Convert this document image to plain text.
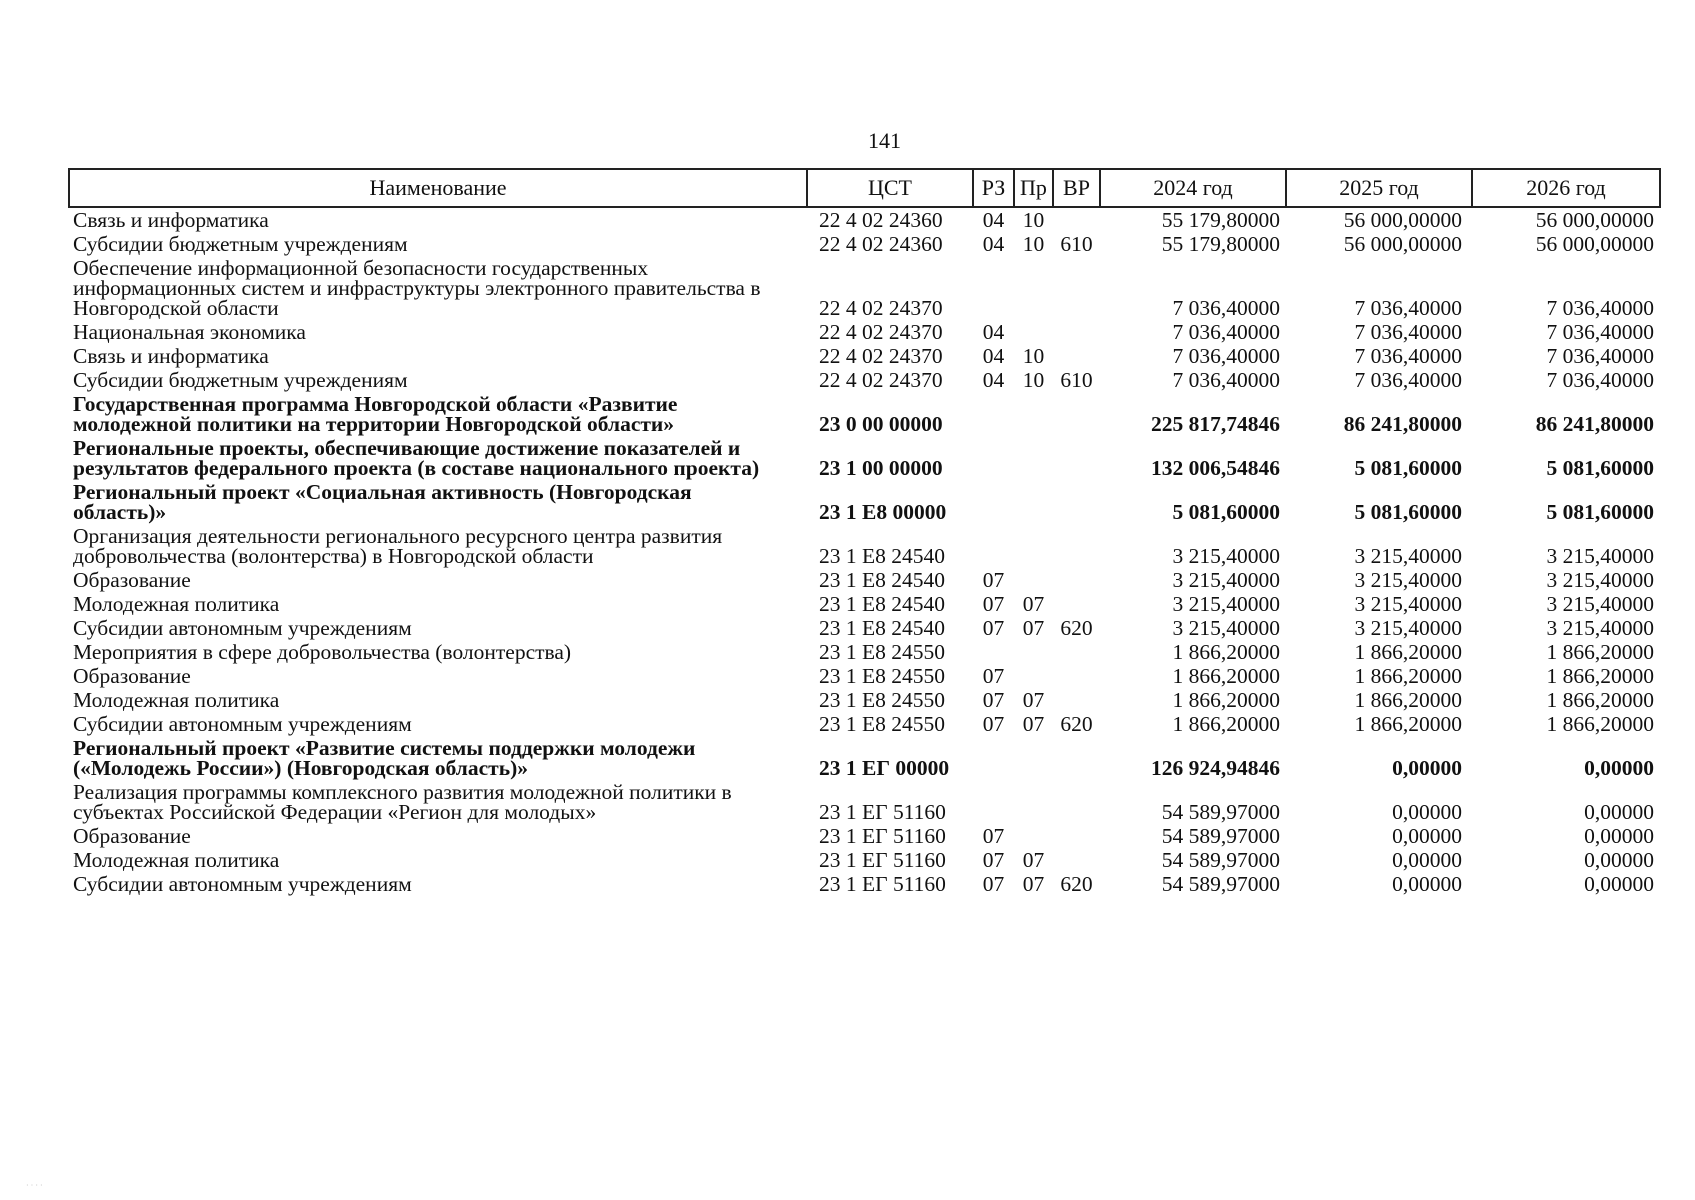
141
Наименование	ЦСТ	РЗ	Пр	ВР	2024 год	2025 год	2026 год
Связь и информатика	22 4 02 24360	04	10		55 179,80000	56 000,00000	56 000,00000
Субсидии бюджетным учреждениям	22 4 02 24360	04	10	610	55 179,80000	56 000,00000	56 000,00000
Обеспечение информационной безопасности государственных информационных систем и инфраструктуры электронного правительства в Новгородской области	22 4 02 24370				7 036,40000	7 036,40000	7 036,40000
Национальная экономика	22 4 02 24370	04			7 036,40000	7 036,40000	7 036,40000
Связь и информатика	22 4 02 24370	04	10		7 036,40000	7 036,40000	7 036,40000
Субсидии бюджетным учреждениям	22 4 02 24370	04	10	610	7 036,40000	7 036,40000	7 036,40000
Государственная программа Новгородской области «Развитие молодежной политики на территории Новгородской области»	23 0 00 00000				225 817,74846	86 241,80000	86 241,80000
Региональные проекты, обеспечивающие достижение показателей и результатов федерального проекта (в составе национального проекта)	23 1 00 00000				132 006,54846	5 081,60000	5 081,60000
Региональный проект «Социальная активность (Новгородская область)»	23 1 Е8 00000				5 081,60000	5 081,60000	5 081,60000
Организация деятельности регионального ресурсного центра развития добровольчества (волонтерства) в Новгородской области	23 1 Е8 24540				3 215,40000	3 215,40000	3 215,40000
Образование	23 1 Е8 24540	07			3 215,40000	3 215,40000	3 215,40000
Молодежная политика	23 1 Е8 24540	07	07		3 215,40000	3 215,40000	3 215,40000
Субсидии автономным учреждениям	23 1 Е8 24540	07	07	620	3 215,40000	3 215,40000	3 215,40000
Мероприятия в сфере добровольчества (волонтерства)	23 1 Е8 24550				1 866,20000	1 866,20000	1 866,20000
Образование	23 1 Е8 24550	07			1 866,20000	1 866,20000	1 866,20000
Молодежная политика	23 1 Е8 24550	07	07		1 866,20000	1 866,20000	1 866,20000
Субсидии автономным учреждениям	23 1 Е8 24550	07	07	620	1 866,20000	1 866,20000	1 866,20000
Региональный проект «Развитие системы поддержки молодежи («Молодежь России») (Новгородская область)»	23 1 ЕГ 00000				126 924,94846	0,00000	0,00000
Реализация программы комплексного развития молодежной политики в субъектах Российской Федерации «Регион для молодых»	23 1 ЕГ 51160				54 589,97000	0,00000	0,00000
Образование	23 1 ЕГ 51160	07			54 589,97000	0,00000	0,00000
Молодежная политика	23 1 ЕГ 51160	07	07		54 589,97000	0,00000	0,00000
Субсидии автономным учреждениям	23 1 ЕГ 51160	07	07	620	54 589,97000	0,00000	0,00000
· · · ·
